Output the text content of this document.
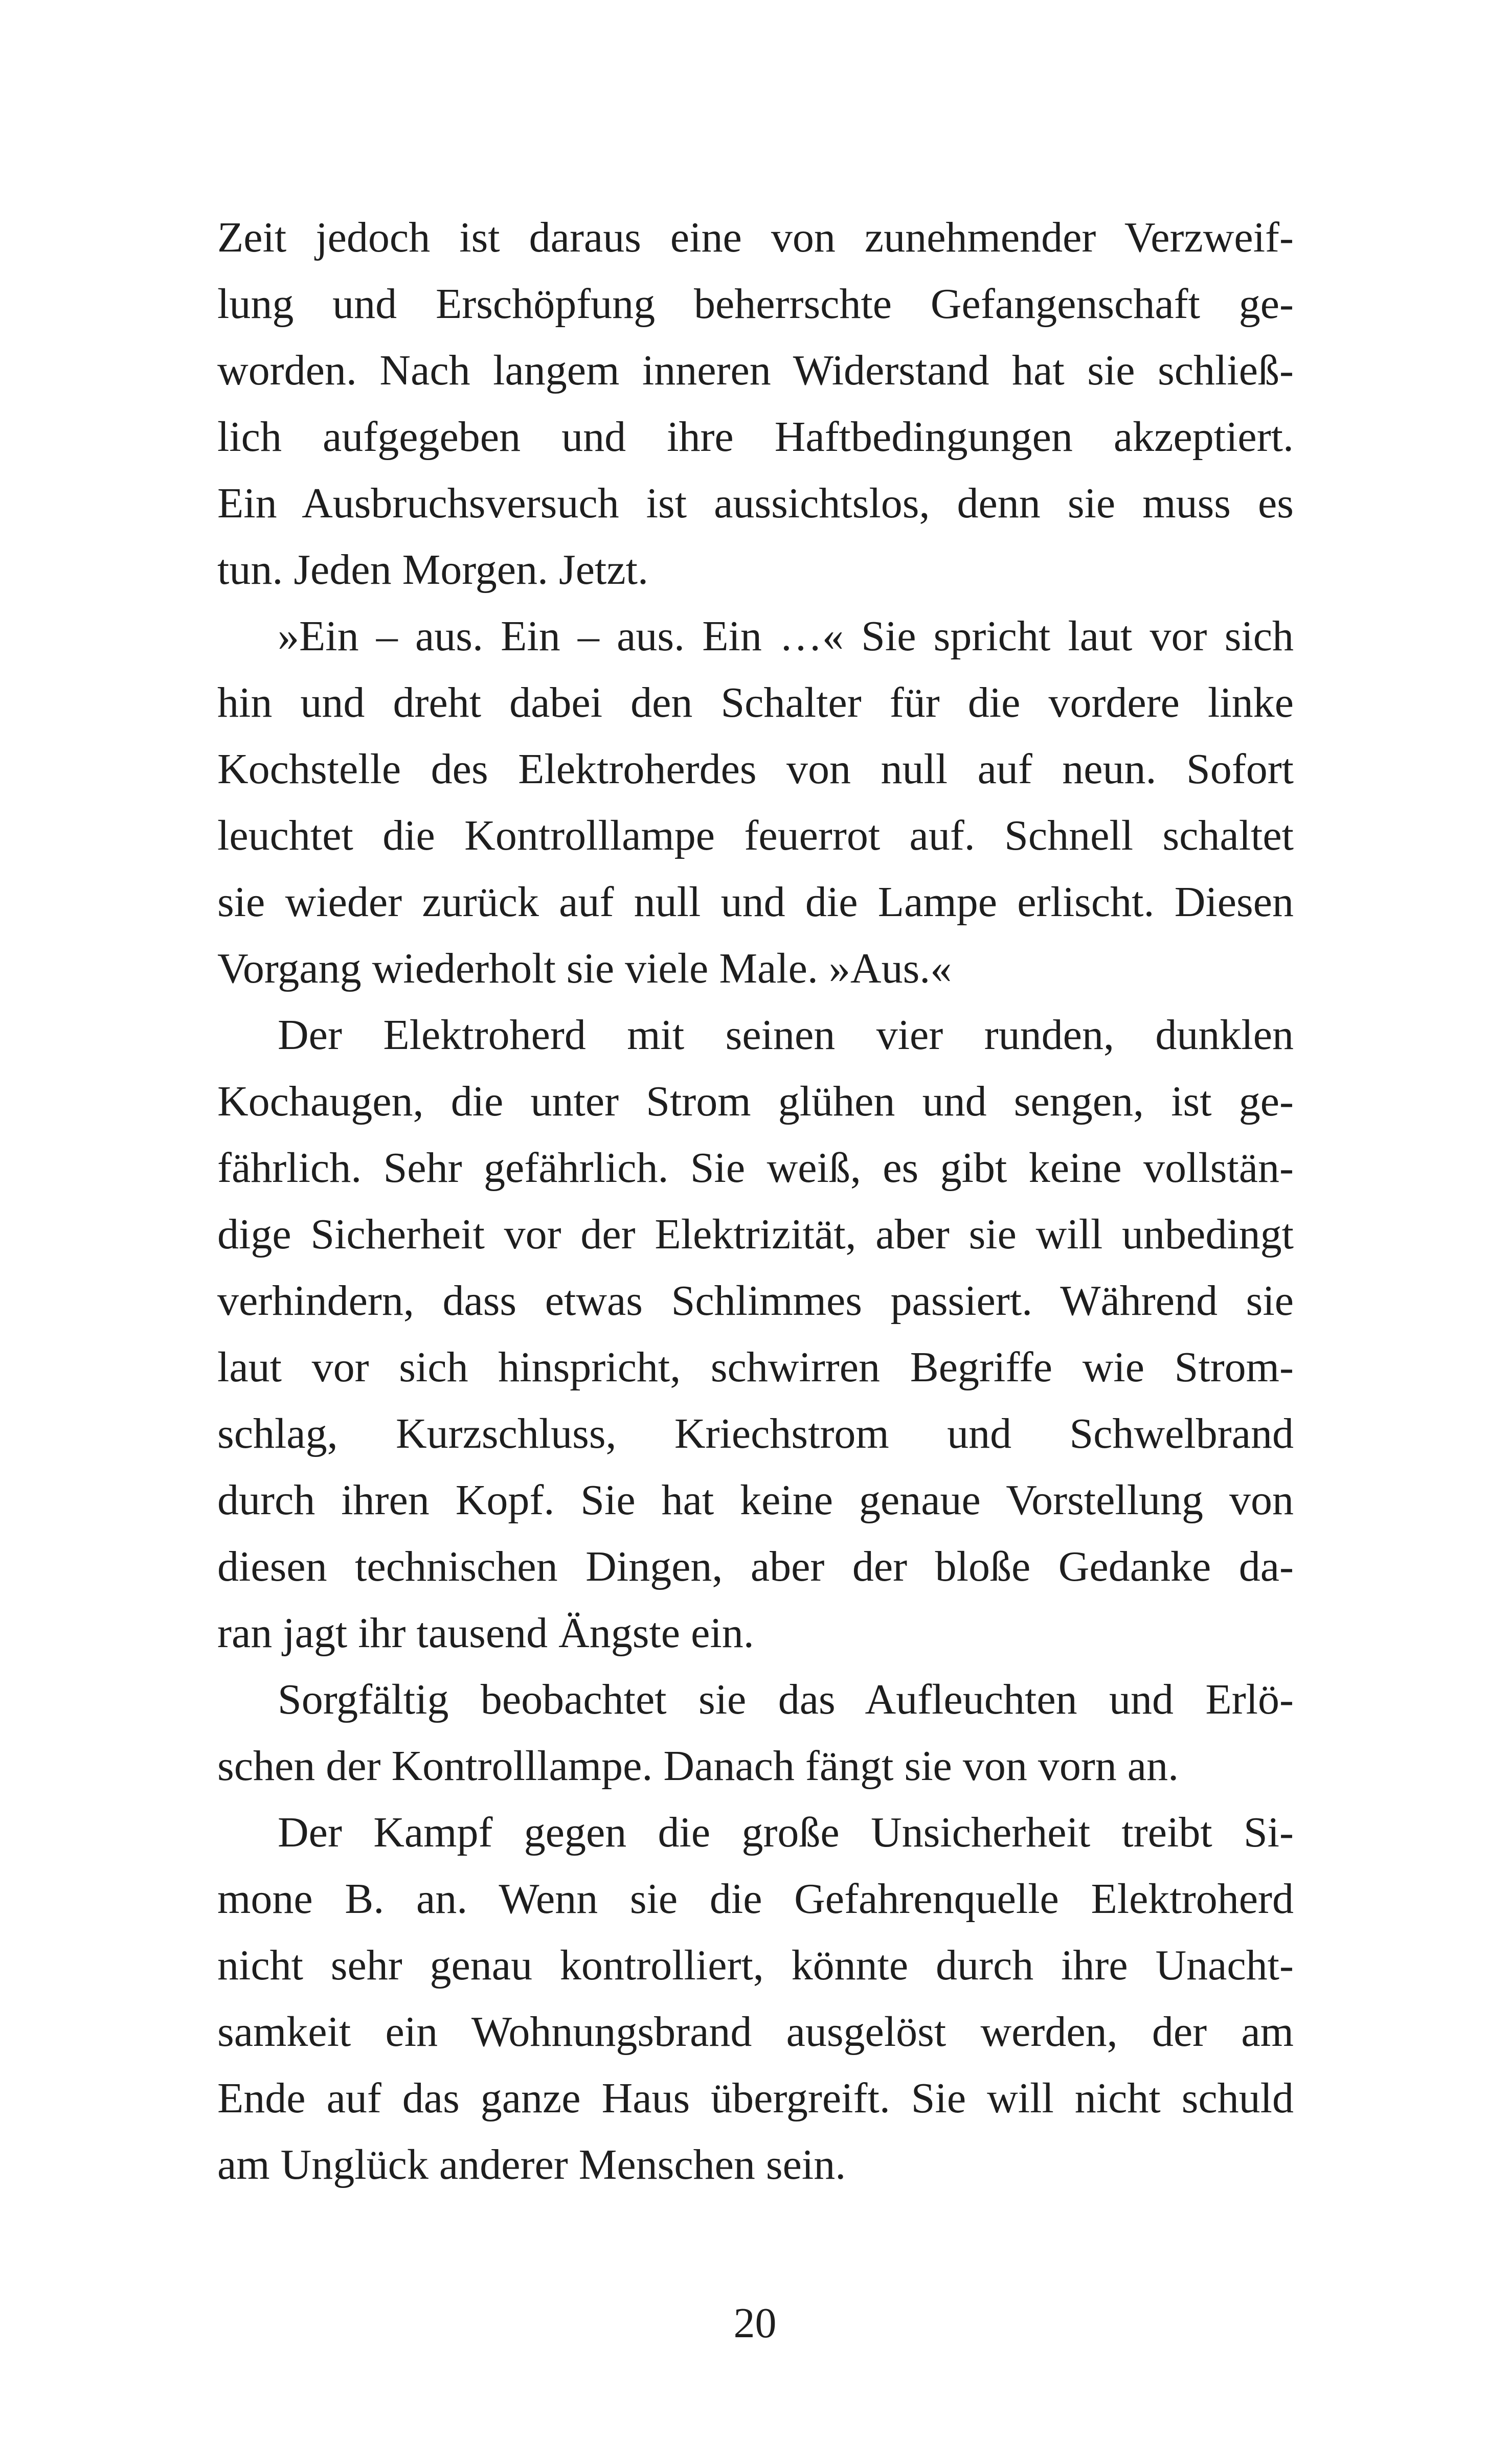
Zeit jedoch ist daraus eine von zunehmender Verzweif-
lung und Erschöpfung beherrschte Gefangenschaft ge-
worden. Nach langem inneren Widerstand hat sie schließ-
lich aufgegeben und ihre Haftbedingungen akzeptiert.
Ein Ausbruchsversuch ist aussichtslos, denn sie muss es
tun. Jeden Morgen. Jetzt.
»Ein – aus. Ein – aus. Ein …« Sie spricht laut vor sich
hin und dreht dabei den Schalter für die vordere linke
Kochstelle des Elektroherdes von null auf neun. Sofort
leuchtet die Kontrolllampe feuerrot auf. Schnell schaltet
sie wieder zurück auf null und die Lampe erlischt. Diesen
Vorgang wiederholt sie viele Male. »Aus.«
Der Elektroherd mit seinen vier runden, dunklen
Kochaugen, die unter Strom glühen und sengen, ist ge-
fährlich. Sehr gefährlich. Sie weiß, es gibt keine vollstän-
dige Sicherheit vor der Elektrizität, aber sie will unbedingt
verhindern, dass etwas Schlimmes passiert. Während sie
laut vor sich hinspricht, schwirren Begriffe wie Strom-
schlag, Kurzschluss, Kriechstrom und Schwelbrand
durch ihren Kopf. Sie hat keine genaue Vorstellung von
diesen technischen Dingen, aber der bloße Gedanke da-
ran jagt ihr tausend Ängste ein.
Sorgfältig beobachtet sie das Aufleuchten und Erlö-
schen der Kontrolllampe. Danach fängt sie von vorn an.
Der Kampf gegen die große Unsicherheit treibt Si-
mone B. an. Wenn sie die Gefahrenquelle Elektroherd
nicht sehr genau kontrolliert, könnte durch ihre Unacht-
samkeit ein Wohnungsbrand ausgelöst werden, der am
Ende auf das ganze Haus übergreift. Sie will nicht schuld
am Unglück anderer Menschen sein.
20
